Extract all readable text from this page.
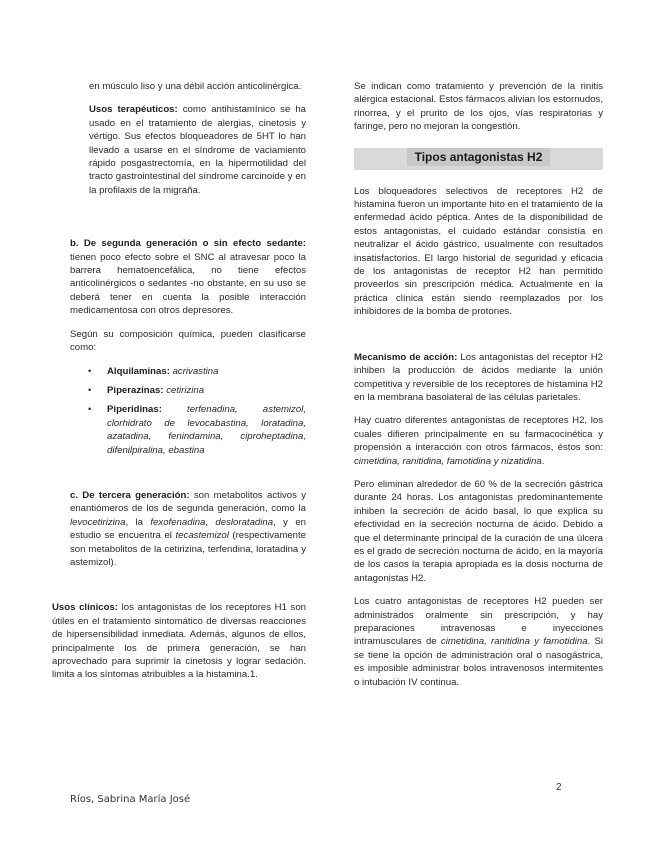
en músculo liso y una débil acción anticolinérgica.

Usos terapéuticos: como antihistamínico se ha usado en el tratamiento de alergias, cinetosis y vértigo. Sus efectos bloqueadores de 5HT lo han llevado a usarse en el síndrome de vaciamiento rápido posgastrectomía, en la hipermotilidad del tracto gastrointestinal del síndrome carcinoide y en la profilaxis de la migraña.

b. De segunda generación o sin efecto sedante: tienen poco efecto sobre el SNC al atravesar poco la barrera hematoencefálica, no tiene efectos anticolinérgicos o sedantes -no obstante, en su uso se deberá tener en cuenta la posible interacción medicamentosa con otros depresores.

Según su composición química, pueden clasificarse como:

• Alquilaminas: acrivastina
• Piperazinas: cetirizina
• Piperidinas:	terfenadina, astemizol, clorhidrato de levocabastina, loratadina, azatadina, fenindamina, ciproheptadina, difenilpiralina, ebastina

c. De tercera generación: son metabolitos activos y enantiómeros de los de segunda generación, como la levocetirizina, la fexofenadina, desloratadina, y en estudio se encuentra el tecastemizol (respectivamente son metabolitos de la cetirizina, terfendina, loratadina y astemizol).

Usos clínicos: los antagonistas de los receptores H1 son útiles en el tratamiento sintomático de diversas reacciones de hipersensibilidad inmediata. Además, algunos de ellos, principalmente los de primera generación, se han aprovechado para suprimir la cinetosis y lograr sedación. limita a los síntomas atribuibles a la histamina.1.

Se indican como tratamiento y prevención de la rinitis alérgica estacional. Estos fármacos alivian los estornudos, rinorrea, y el prurito de los ojos, vías respiratorias y faringe, pero no mejoran la congestión.

Tipos antagonistas H2

Los bloqueadores selectivos de receptores H2 de histamina fueron un importante hito en el tratamiento de la enfermedad ácido péptica. Antes de la disponibilidad de estos antagonistas, el cuidado estándar consistía en neutralizar el ácido gástrico, usualmente con resultados insatisfactorios. El largo historial de seguridad y eficacia de los antagonistas de receptor H2 han permitido proveerlos sin prescripción médica. Actualmente en la práctica clínica están siendo reemplazados por los inhibidores de la bomba de protones.

Mecanismo de acción: Los antagonistas del receptor H2 inhiben la producción de ácidos mediante la unión competitiva y reversible de los receptores de histamina H2 en la membrana basolateral de las células parietales.

Hay cuatro diferentes antagonistas de receptores H2, los cuales difieren principalmente en su farmacocinética y propensión a interacción con otros fármacos, éstos son: cimetidina, ranitidina, famotidina y nizatidina.

Pero eliminan alrededor de 60 % de la secreción gástrica durante 24 horas. Los antagonistas predominantemente inhiben la secreción de ácido basal, lo que explica su efectividad en la secreción nocturna de ácido. Debido a que el determinante principal de la curación de una úlcera es el grado de secreción nocturna de ácido, en la mayoría de los casos la terapia apropiada es la dosis nocturna de antagonistas H2.

Los cuatro antagonistas de receptores H2 pueden ser administrados oralmente sin prescripción, y hay preparaciones intravenosas e inyecciones intramusculares de cimetidina, ranitidina y famotidina. Si se tiene la opción de administración oral o nasogástrica, es imposible administrar bolos intravenosos intermitentes o intubación IV continua.

2
Ríos, Sabrina María José
